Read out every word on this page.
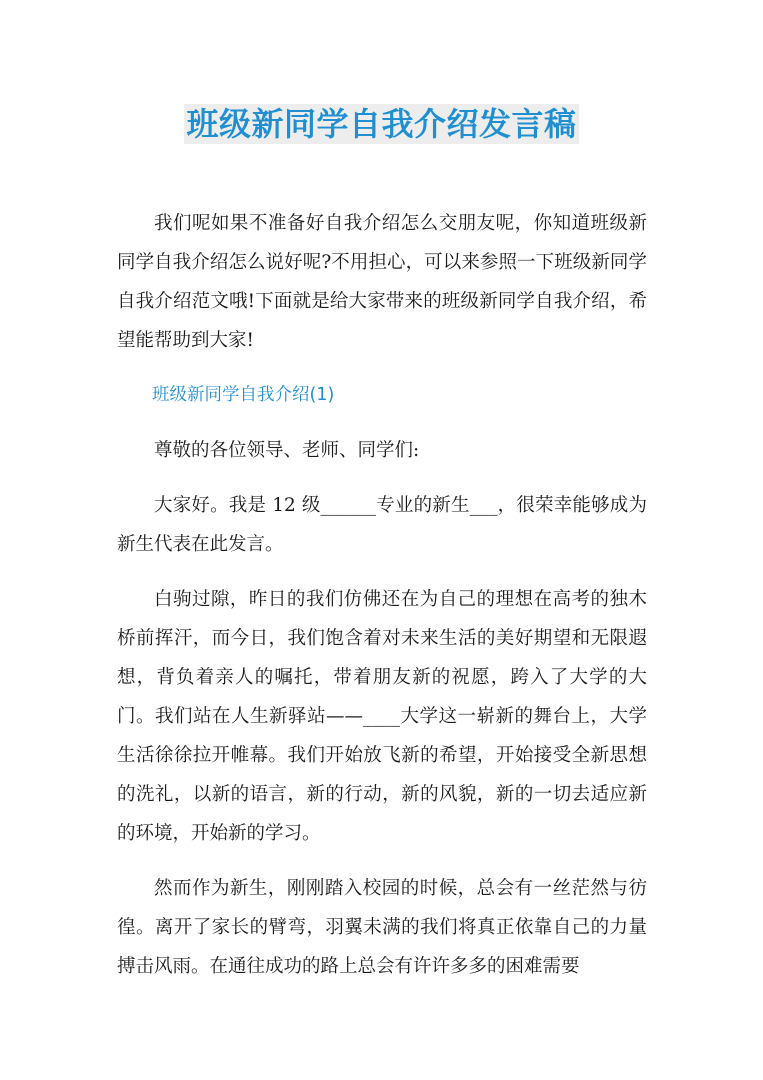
班级新同学自我介绍发言稿

我们呢如果不准备好自我介绍怎么交朋友呢，你知道班级新同学自我介绍怎么说好呢?不用担心，可以来参照一下班级新同学自我介绍范文哦!下面就是给大家带来的班级新同学自我介绍，希望能帮助到大家!

班级新同学自我介绍(1)

尊敬的各位领导、老师、同学们:

大家好。我是 12 级______专业的新生___，很荣幸能够成为新生代表在此发言。

白驹过隙，昨日的我们仿佛还在为自己的理想在高考的独木桥前挥汗，而今日，我们饱含着对未来生活的美好期望和无限遐想，背负着亲人的嘱托，带着朋友新的祝愿，跨入了大学的大门。我们站在人生新驿站——____大学这一崭新的舞台上，大学生活徐徐拉开帷幕。我们开始放飞新的希望，开始接受全新思想的洗礼，以新的语言，新的行动，新的风貌，新的一切去适应新的环境，开始新的学习。

然而作为新生，刚刚踏入校园的时候，总会有一丝茫然与彷徨。离开了家长的臂弯，羽翼未满的我们将真正依靠自己的力量搏击风雨。在通往成功的路上总会有许许多多的困难需要
